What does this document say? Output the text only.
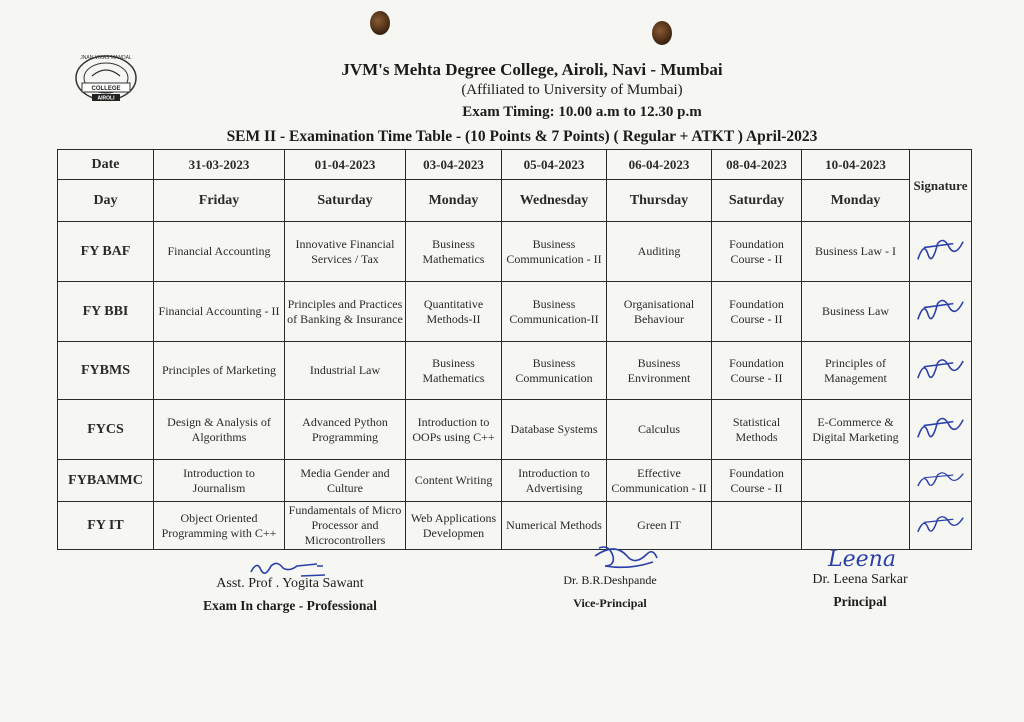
JNAN VIKAS MANDAL
COLLEGE
AIROLI
JVM's Mehta Degree College, Airoli, Navi - Mumbai
(Affiliated to University of Mumbai)
Exam Timing: 10.00 a.m to 12.30 p.m
SEM II - Examination Time Table - (10 Points & 7 Points) ( Regular + ATKT ) April-2023
Date	31-03-2023	01-04-2023	03-04-2023	05-04-2023	06-04-2023	08-04-2023	10-04-2023	Signature
Day	Friday	Saturday	Monday	Wednesday	Thursday	Saturday	Monday	
FY BAF	Financial Accounting	Innovative Financial Services / Tax	Business Mathematics	Business Communication - II	Auditing	Foundation Course - II	Business Law - I	

FY BBI	Financial Accounting - II	Principles and Practices of Banking & Insurance	Quantitative Methods-II	Business Communication-II	Organisational Behaviour	Foundation Course - II	Business Law	

FYBMS	Principles of Marketing	Industrial Law	Business Mathematics	Business Communication	Business Environment	Foundation Course - II	Principles of Management	

FYCS	Design & Analysis of Algorithms	Advanced Python Programming	Introduction to OOPs using C++	Database Systems	Calculus	Statistical Methods	E-Commerce & Digital Marketing	

FYBAMMC	Introduction to Journalism	Media Gender and Culture	Content Writing	Introduction to Advertising	Effective Communication - II	Foundation Course - II		

FY IT	Object Oriented Programming with C++	Fundamentals of Micro Processor and Microcontrollers	Web Applications Developmen	Numerical Methods	Green IT			
Asst. Prof . Yogita Sawant
Exam In charge - Professional
Dr. B.R.Deshpande
Vice-Principal
Leena
Dr. Leena Sarkar
Principal
